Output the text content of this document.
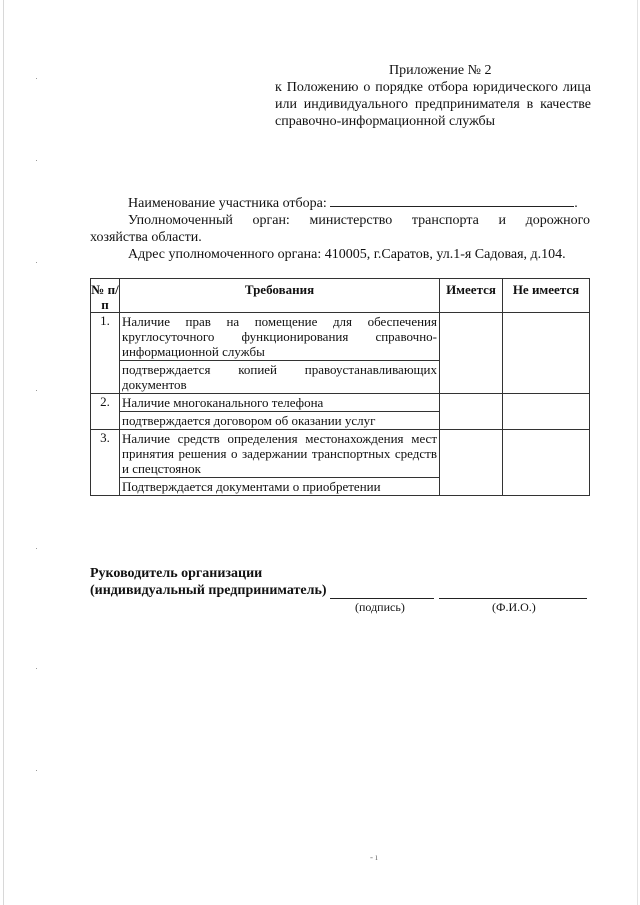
Приложение № 2
к Положению о порядке отбора юридического лица или индивидуального предпринимателя в качестве справочно-информационной службы

Наименование участника отбора:	.

Уполномоченный орган: министерство транспорта и дорожного

хозяйства области.

Адрес уполномоченного органа: 410005, г.Саратов, ул.1-я Садовая, д.104.

№ п/п	Требования	Имеется	Не имеется
1.	Наличие прав на помещение для обеспечения круглосуточного функционирования справочно-информационной службы
подтверждается копией правоустанавливающих документов		

2.	Наличие многоканального телефона
подтверждается договором об оказании услуг		

3.	Наличие средств определения местонахождения мест принятия решения о задержании транспортных средств и спецстоянок
Подтверждается документами о приобретении		

Руководитель организации
(индивидуальный предприниматель)
(подпись)	(Ф.И.О.)
- ı
